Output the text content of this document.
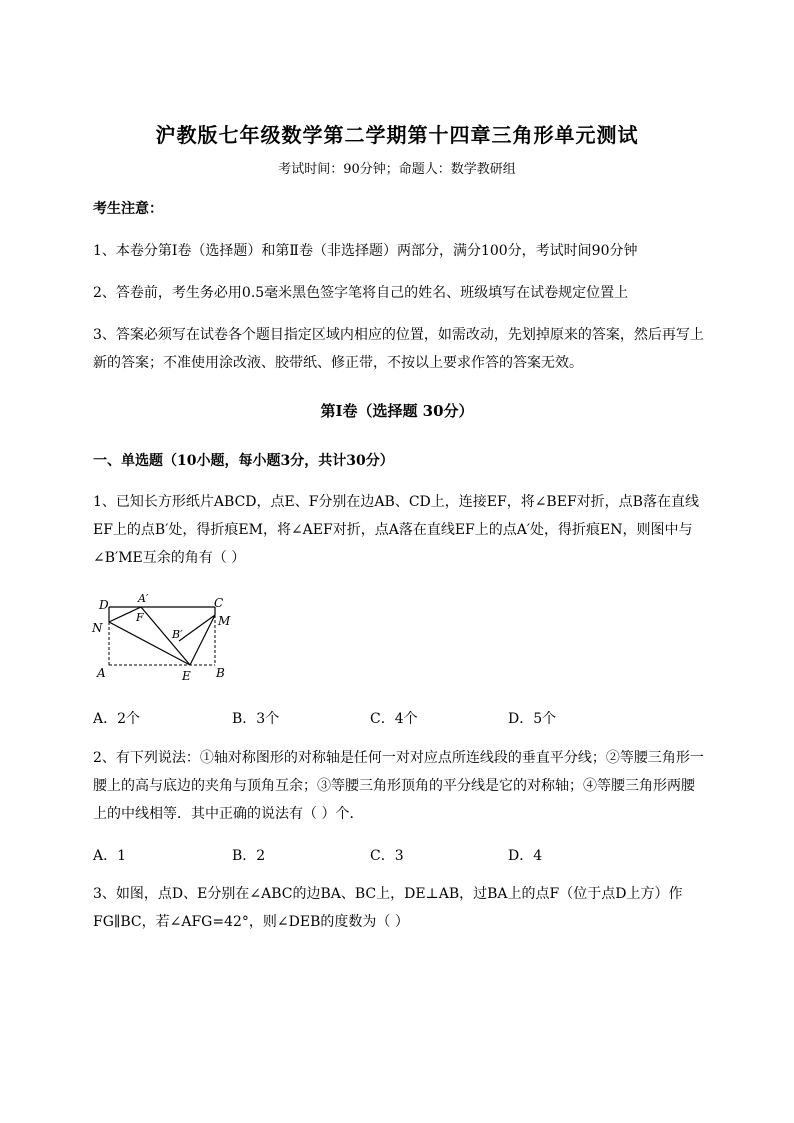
沪教版七年级数学第二学期第十四章三角形单元测试
考试时间：90分钟；命题人：数学教研组
考生注意：
1、本卷分第I卷（选择题）和第Ⅱ卷（非选择题）两部分，满分100分，考试时间90分钟
2、答卷前，考生务必用0.5毫米黑色签字笔将自己的姓名、班级填写在试卷规定位置上
3、答案必须写在试卷各个题目指定区域内相应的位置，如需改动，先划掉原来的答案，然后再写上新的答案；不准使用涂改液、胶带纸、修正带，不按以上要求作答的答案无效。
第I卷（选择题 30分）
一、单选题（10小题，每小题3分，共计30分）
1、已知长方形纸片ABCD，点E、F分别在边AB、CD上，连接EF，将∠BEF对折，点B落在直线EF上的点B′处，得折痕EM，将∠AEF对折，点A落在直线EF上的点A′处，得折痕EN，则图中与∠B′ME互余的角有（ ）
D	C
N	M
A	E B
F
A′
B′
A．2个	B．3个	C．4个	D．5个
2、有下列说法：①轴对称图形的对称轴是任何一对对应点所连线段的垂直平分线；②等腰三角形一腰上的高与底边的夹角与顶角互余；③等腰三角形顶角的平分线是它的对称轴；④等腰三角形两腰上的中线相等．其中正确的说法有（ ）个．
A．1	B．2	C．3	D．4
3、如图，点D、E分别在∠ABC的边BA、BC上，DE⊥AB，过BA上的点F（位于点D上方）作FG∥BC，若∠AFG=42°，则∠DEB的度数为（ ）
